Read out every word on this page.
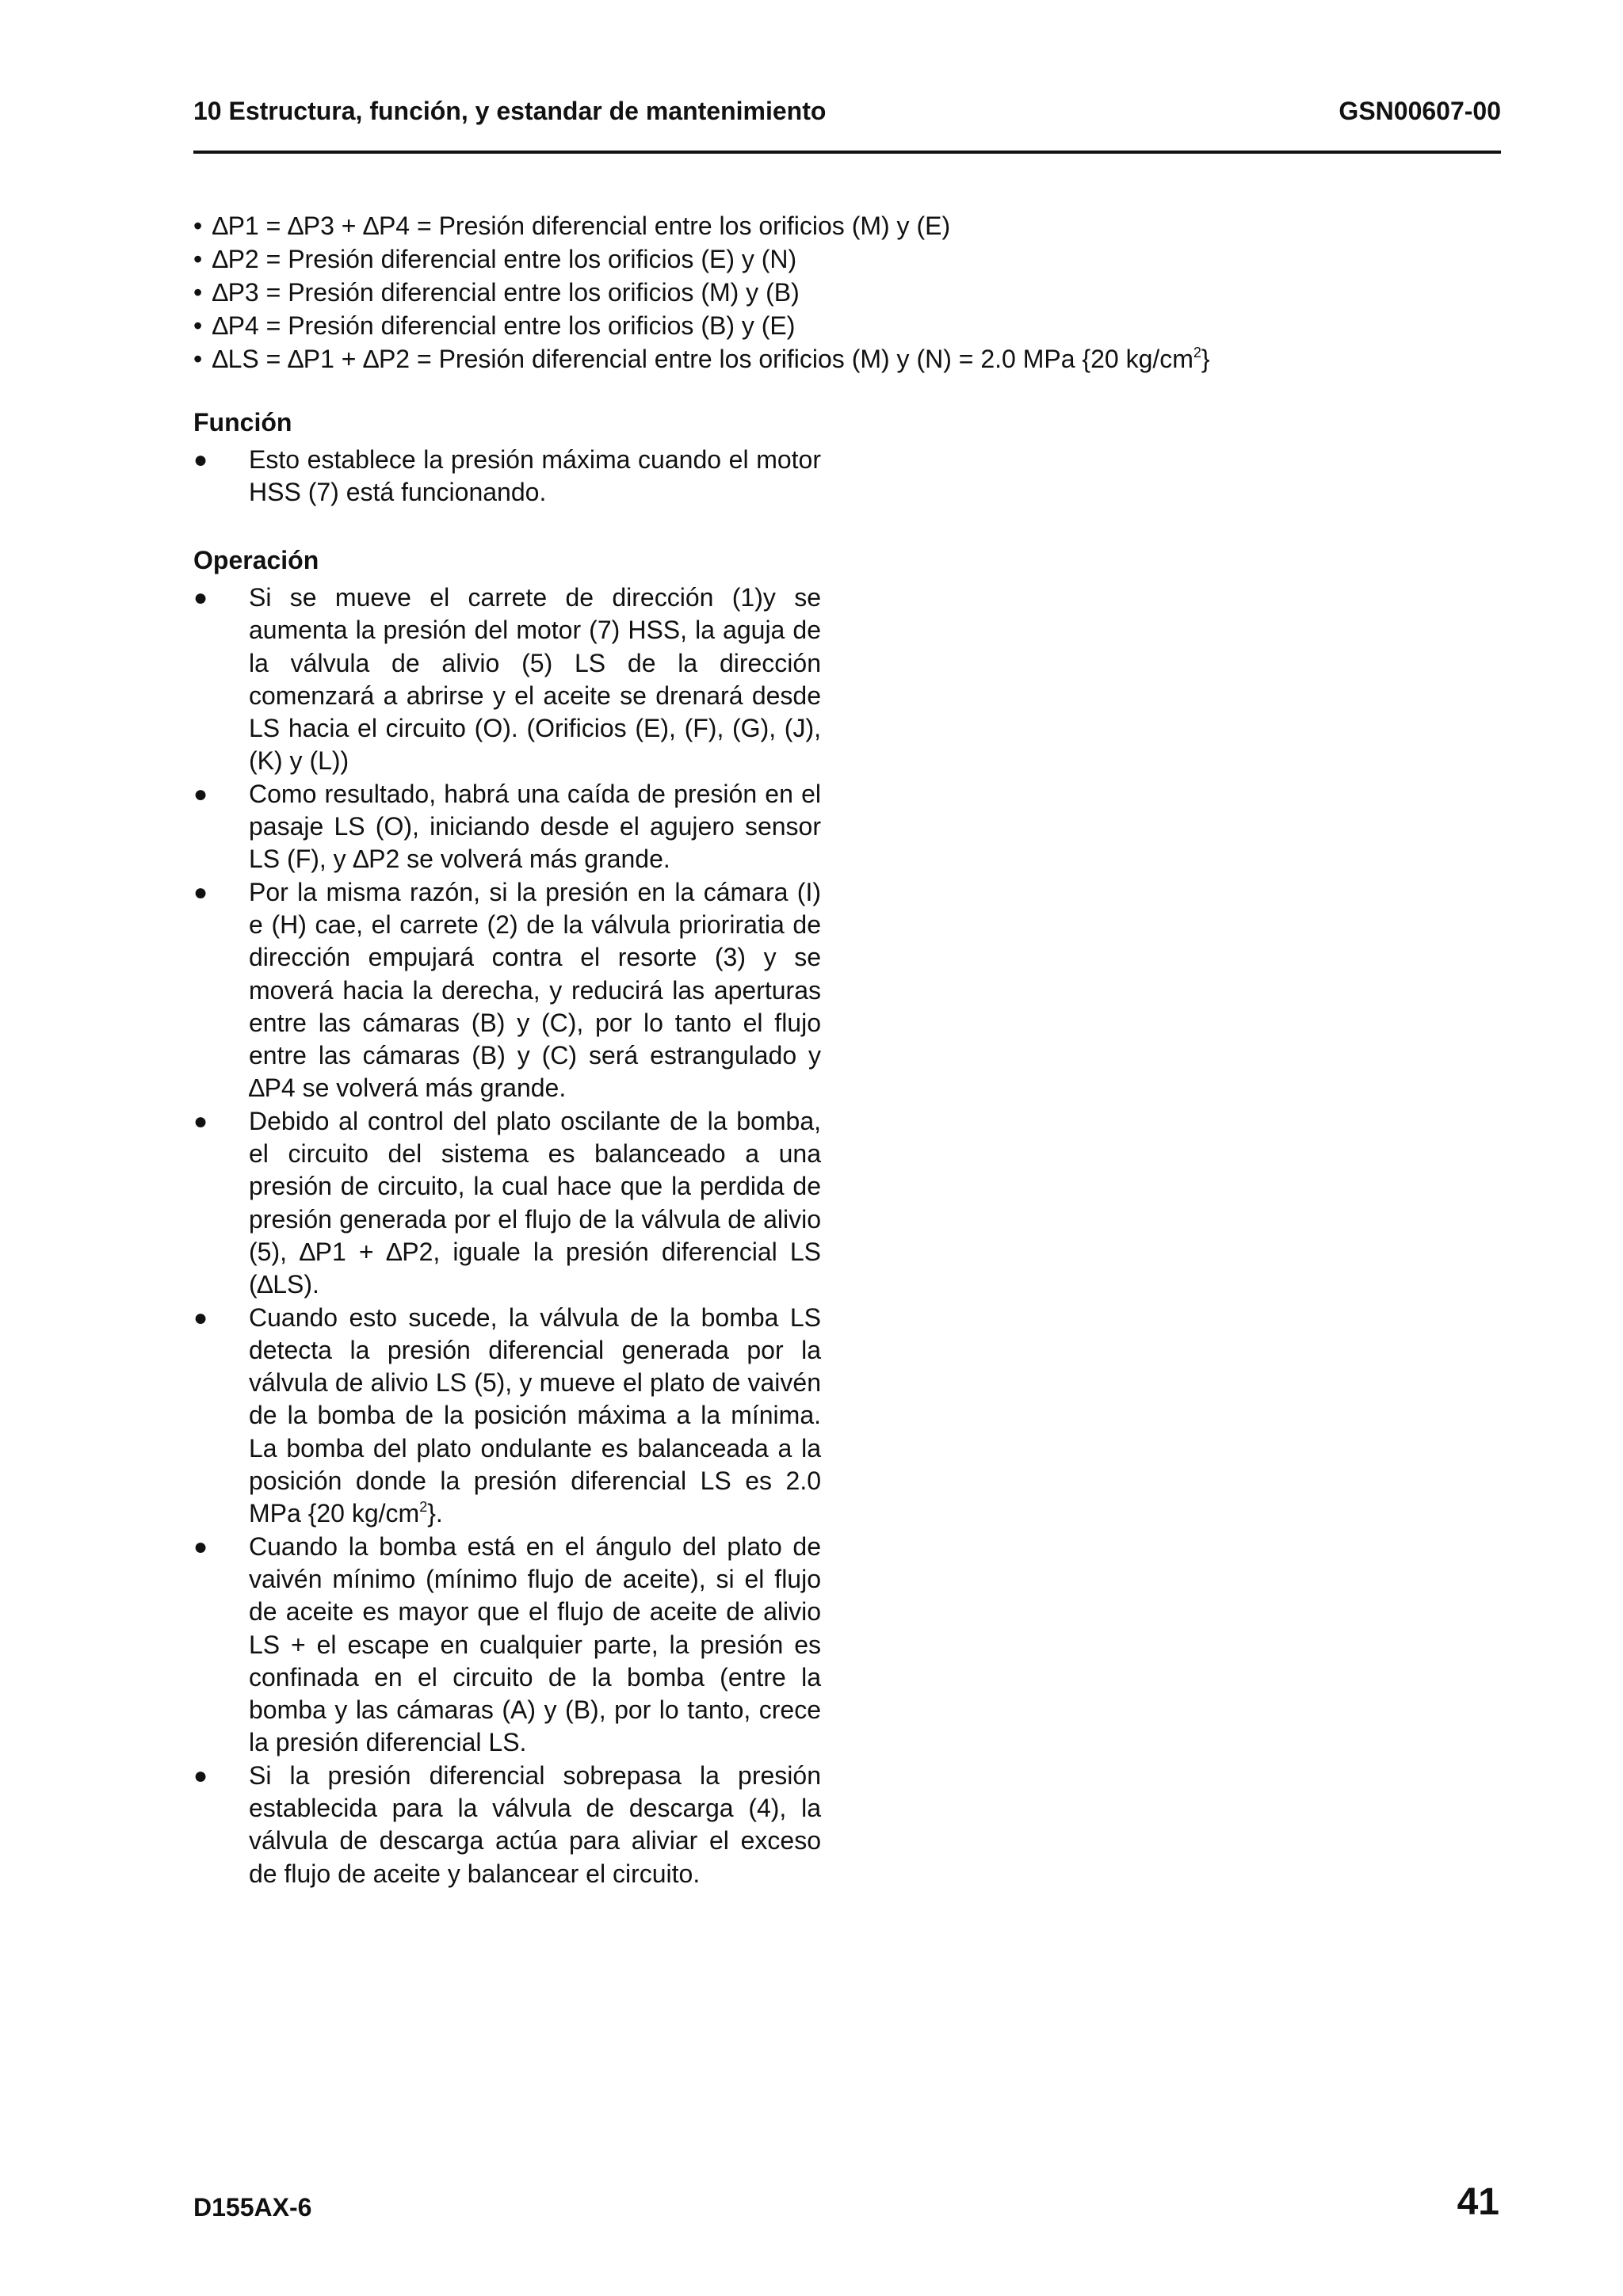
10 Estructura, función, y estandar de mantenimiento	GSN00607-00
• ∆P1 = ∆P3 + ∆P4 = Presión diferencial entre los orificios (M) y (E)
• ∆P2 = Presión diferencial entre los orificios (E) y (N)
• ∆P3 = Presión diferencial entre los orificios (M) y (B)
• ∆P4 = Presión diferencial entre los orificios (B) y (E)
• ∆LS = ∆P1 + ∆P2 = Presión diferencial entre los orificios (M) y (N) = 2.0 MPa {20 $kg/cm^2$}
Función
●	Esto establece la presión máxima cuando el motor HSS (7) está funcionando.
Operación
●	Si se mueve el carrete de dirección (1)y se aumenta la presión del motor (7) HSS, la aguja de la válvula de alivio (5) LS de la dirección comenzará a abrirse y el aceite se drenará desde LS hacia el circuito (O). (Orificios (E), (F), (G), (J), (K) y (L))
●	Como resultado, habrá una caída de presión en el pasaje LS (O), iniciando desde el agujero sensor LS (F), y ∆P2 se volverá más grande.
●	Por la misma razón, si la presión en la cámara (I) e (H) cae, el carrete (2) de la válvula prioriratia de dirección empujará contra el resorte (3) y se moverá hacia la derecha, y reducirá las aperturas entre las cámaras (B) y (C), por lo tanto el flujo entre las cámaras (B) y (C) será estrangulado y ∆P4 se volverá más grande.
●	Debido al control del plato oscilante de la bomba, el circuito del sistema es balanceado a una presión de circuito, la cual hace que la perdida de presión generada por el flujo de la válvula de alivio (5), ∆P1 + ∆P2, iguale la presión diferencial LS (∆LS).
●	Cuando esto sucede, la válvula de la bomba LS detecta la presión diferencial generada por la válvula de alivio LS (5), y mueve el plato de vaivén de la bomba de la posición máxima a la mínima. La bomba del plato ondulante es balanceada a la posición donde la presión diferencial LS es 2.0 MPa {20 $kg/cm^2$}.
●	Cuando la bomba está en el ángulo del plato de vaivén mínimo (mínimo flujo de aceite), si el flujo de aceite es mayor que el flujo de aceite de alivio LS + el escape en cualquier parte, la presión es confinada en el circuito de la bomba (entre la bomba y las cámaras (A) y (B), por lo tanto, crece la presión diferencial LS.
●	Si la presión diferencial sobrepasa la presión establecida para la válvula de descarga (4), la válvula de descarga actúa para aliviar el exceso de flujo de aceite y balancear el circuito.
D155AX-6	41
